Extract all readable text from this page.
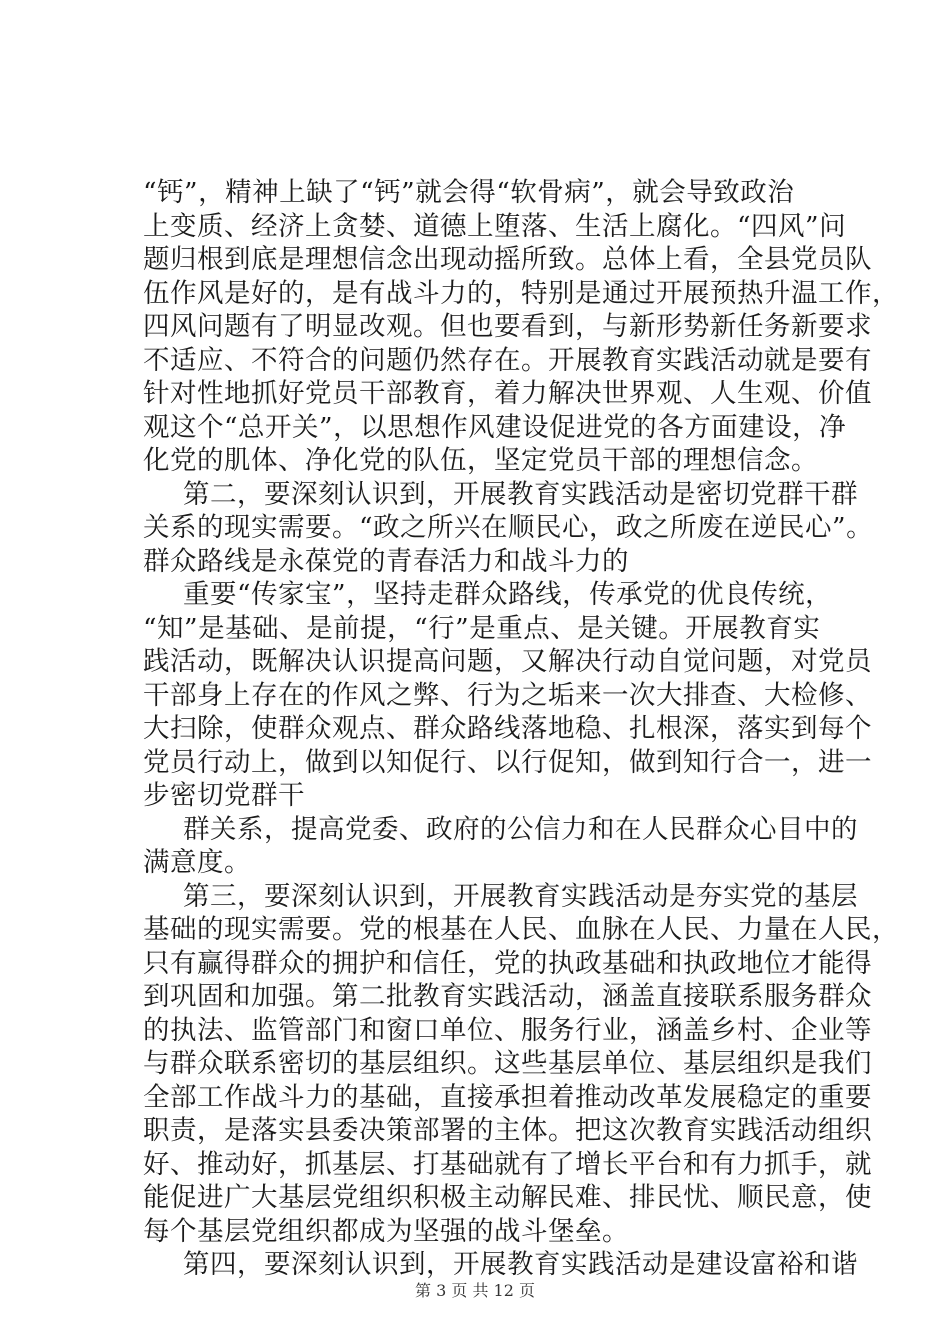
“钙”，精神上缺了“钙”就会得“软骨病”，就会导致政治
上变质、经济上贪婪、道德上堕落、生活上腐化。“四风”问
题归根到底是理想信念出现动摇所致。总体上看，全县党员队
伍作风是好的，是有战斗力的，特别是通过开展预热升温工作，
四风问题有了明显改观。但也要看到，与新形势新任务新要求
不适应、不符合的问题仍然存在。开展教育实践活动就是要有
针对性地抓好党员干部教育，着力解决世界观、人生观、价值
观这个“总开关”，以思想作风建设促进党的各方面建设，净
化党的肌体、净化党的队伍，坚定党员干部的理想信念。
第二，要深刻认识到，开展教育实践活动是密切党群干群
关系的现实需要。“政之所兴在顺民心，政之所废在逆民心”。
群众路线是永葆党的青春活力和战斗力的
重要“传家宝”，坚持走群众路线，传承党的优良传统，
“知”是基础、是前提，“行”是重点、是关键。开展教育实
践活动，既解决认识提高问题，又解决行动自觉问题，对党员
干部身上存在的作风之弊、行为之垢来一次大排查、大检修、
大扫除，使群众观点、群众路线落地稳、扎根深，落实到每个
党员行动上，做到以知促行、以行促知，做到知行合一，进一
步密切党群干
群关系，提高党委、政府的公信力和在人民群众心目中的
满意度。
第三，要深刻认识到，开展教育实践活动是夯实党的基层
基础的现实需要。党的根基在人民、血脉在人民、力量在人民，
只有赢得群众的拥护和信任，党的执政基础和执政地位才能得
到巩固和加强。第二批教育实践活动，涵盖直接联系服务群众
的执法、监管部门和窗口单位、服务行业，涵盖乡村、企业等
与群众联系密切的基层组织。这些基层单位、基层组织是我们
全部工作战斗力的基础，直接承担着推动改革发展稳定的重要
职责，是落实县委决策部署的主体。把这次教育实践活动组织
好、推动好，抓基层、打基础就有了增长平台和有力抓手，就
能促进广大基层党组织积极主动解民难、排民忧、顺民意，使
每个基层党组织都成为坚强的战斗堡垒。
第四，要深刻认识到，开展教育实践活动是建设富裕和谐
第 3 页 共 12 页
